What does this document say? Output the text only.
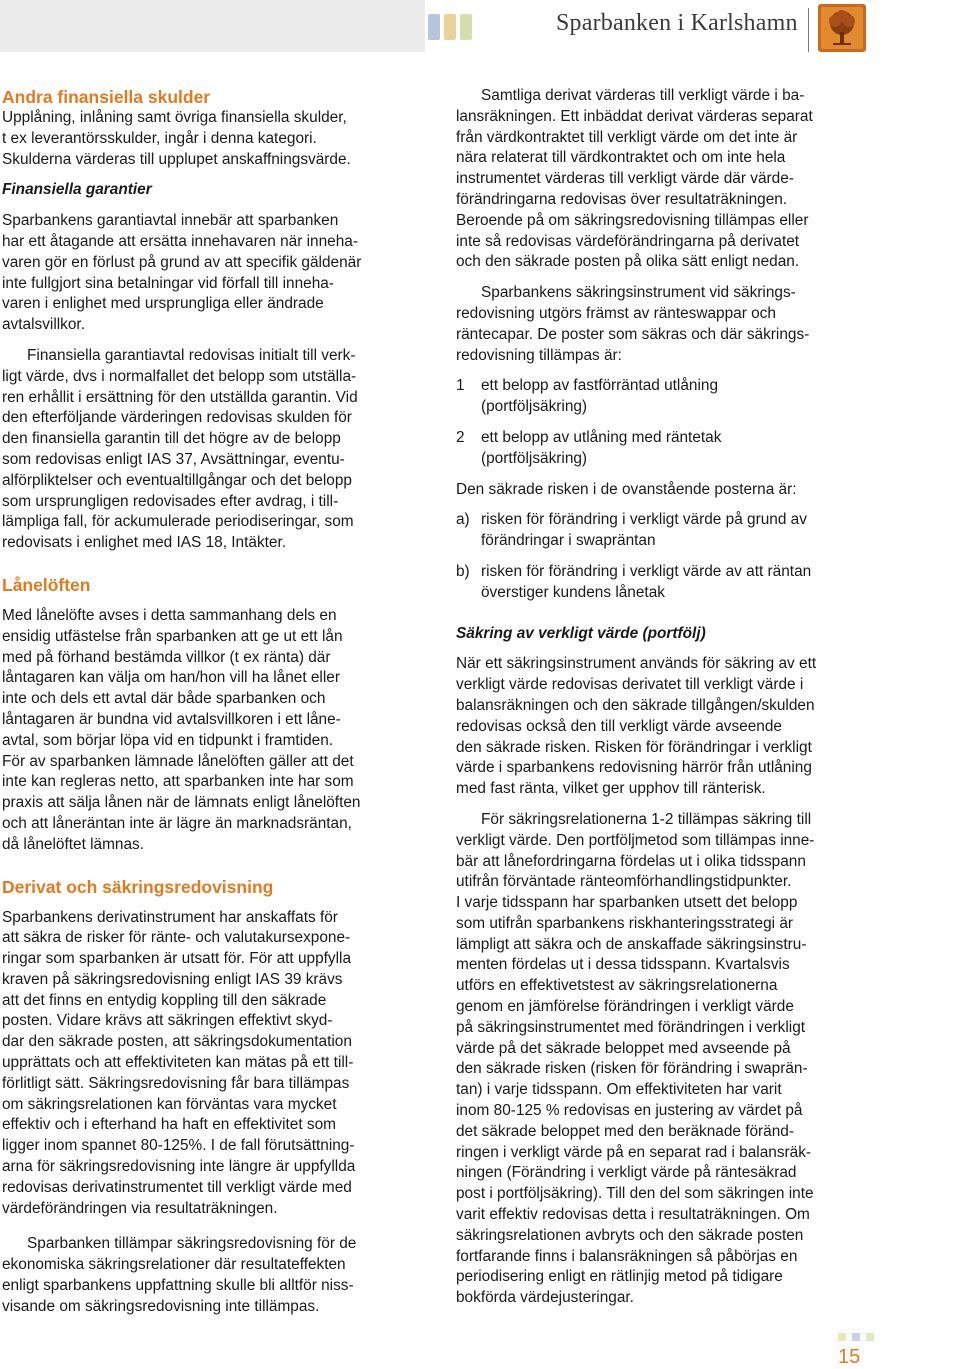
Sparbanken i Karlshamn
Andra finansiella skulder

Upplåning, inlåning samt övriga finansiella skulder,
t ex leverantörsskulder, ingår i denna kategori.
Skulderna värderas till upplupet anskaffningsvärde.

Finansiella garantier

Sparbankens garantiavtal innebär att sparbanken
har ett åtagande att ersätta innehavaren när inneha-
varen gör en förlust på grund av att specifik gäldenär
inte fullgjort sina betalningar vid förfall till inneha-
varen i enlighet med ursprungliga eller ändrade
avtalsvillkor.

Finansiella garantiavtal redovisas initialt till verk-
ligt värde, dvs i normalfallet det belopp som utställa-
ren erhållit i ersättning för den utställda garantin. Vid
den efterföljande värderingen redovisas skulden för
den finansiella garantin till det högre av de belopp
som redovisas enligt IAS 37, Avsättningar, eventu-
alförpliktelser och eventualtillgångar och det belopp
som ursprungligen redovisades efter avdrag, i till-
lämpliga fall, för ackumulerade periodiseringar, som
redovisats i enlighet med IAS 18, Intäkter.

Lånelöften

Med lånelöfte avses i detta sammanhang dels en
ensidig utfästelse från sparbanken att ge ut ett lån
med på förhand bestämda villkor (t ex ränta) där
låntagaren kan välja om han/hon vill ha lånet eller
inte och dels ett avtal där både sparbanken och
låntagaren är bundna vid avtalsvillkoren i ett låne-
avtal, som börjar löpa vid en tidpunkt i framtiden.
För av sparbanken lämnade lånelöften gäller att det
inte kan regleras netto, att sparbanken inte har som
praxis att sälja lånen när de lämnats enligt lånelöften
och att låneräntan inte är lägre än marknadsräntan,
då lånelöftet lämnas.

Derivat och säkringsredovisning

Sparbankens derivatinstrument har anskaffats för
att säkra de risker för ränte- och valutakursexpone-
ringar som sparbanken är utsatt för. För att uppfylla
kraven på säkringsredovisning enligt IAS 39 krävs
att det finns en entydig koppling till den säkrade
posten. Vidare krävs att säkringen effektivt skyd-
dar den säkrade posten, att säkringsdokumentation
upprättats och att effektiviteten kan mätas på ett till-
förlitligt sätt. Säkringsredovisning får bara tillämpas
om säkringsrelationen kan förväntas vara mycket
effektiv och i efterhand ha haft en effektivitet som
ligger inom spannet 80-125%. I de fall förutsättning-
arna för säkringsredovisning inte längre är uppfyllda
redovisas derivatinstrumentet till verkligt värde med
värdeförändringen via resultaträkningen.

Sparbanken tillämpar säkringsredovisning för de
ekonomiska säkringsrelationer där resultateffekten
enligt sparbankens uppfattning skulle bli alltför niss-
visande om säkringsredovisning inte tillämpas.

Samtliga derivat värderas till verkligt värde i ba-
lansräkningen. Ett inbäddat derivat värderas separat
från värdkontraktet till verkligt värde om det inte är
nära relaterat till värdkontraktet och om inte hela
instrumentet värderas till verkligt värde där värde-
förändringarna redovisas över resultaträkningen.
Beroende på om säkringsredovisning tillämpas eller
inte så redovisas värdeförändringarna på derivatet
och den säkrade posten på olika sätt enligt nedan.

Sparbankens säkringsinstrument vid säkrings-
redovisning utgörs främst av ränteswappar och
räntecapar. De poster som säkras och där säkrings-
redovisning tillämpas är:

1	ett belopp av fastförräntad utlåning
(portföljsäkring)
2	ett belopp av utlåning med räntetak
(portföljsäkring)

Den säkrade risken i de ovanstående posterna är:

a) risken för förändring i verkligt värde på grund av
förändringar i swapräntan
b) risken för förändring i verkligt värde av att räntan
överstiger kundens lånetak

Säkring av verkligt värde (portfölj)

När ett säkringsinstrument används för säkring av ett
verkligt värde redovisas derivatet till verkligt värde i
balansräkningen och den säkrade tillgången/skulden
redovisas också den till verkligt värde avseende
den säkrade risken. Risken för förändringar i verkligt
värde i sparbankens redovisning härrör från utlåning
med fast ränta, vilket ger upphov till ränterisk.

För säkringsrelationerna 1-2 tillämpas säkring till
verkligt värde. Den portföljmetod som tillämpas inne-
bär att lånefordringarna fördelas ut i olika tidsspann
utifrån förväntade ränteomförhandlingstidpunkter.
I varje tidsspann har sparbanken utsett det belopp
som utifrån sparbankens riskhanteringsstrategi är
lämpligt att säkra och de anskaffade säkringsinstru-
menten fördelas ut i dessa tidsspann. Kvartalsvis
utförs en effektivetstest av säkringsrelationerna
genom en jämförelse förändringen i verkligt värde
på säkringsinstrumentet med förändringen i verkligt
värde på det säkrade beloppet med avseende på
den säkrade risken (risken för förändring i swaprän-
tan) i varje tidsspann. Om effektiviteten har varit
inom 80-125 % redovisas en justering av värdet på
det säkrade beloppet med den beräknade föränd-
ringen i verkligt värde på en separat rad i balansräk-
ningen (Förändring i verkligt värde på räntesäkrad
post i portföljsäkring). Till den del som säkringen inte
varit effektiv redovisas detta i resultaträkningen. Om
säkringsrelationen avbryts och den säkrade posten
fortfarande finns i balansräkningen så påbörjas en
periodisering enligt en rätlinjig metod på tidigare
bokförda värdejusteringar.

15
